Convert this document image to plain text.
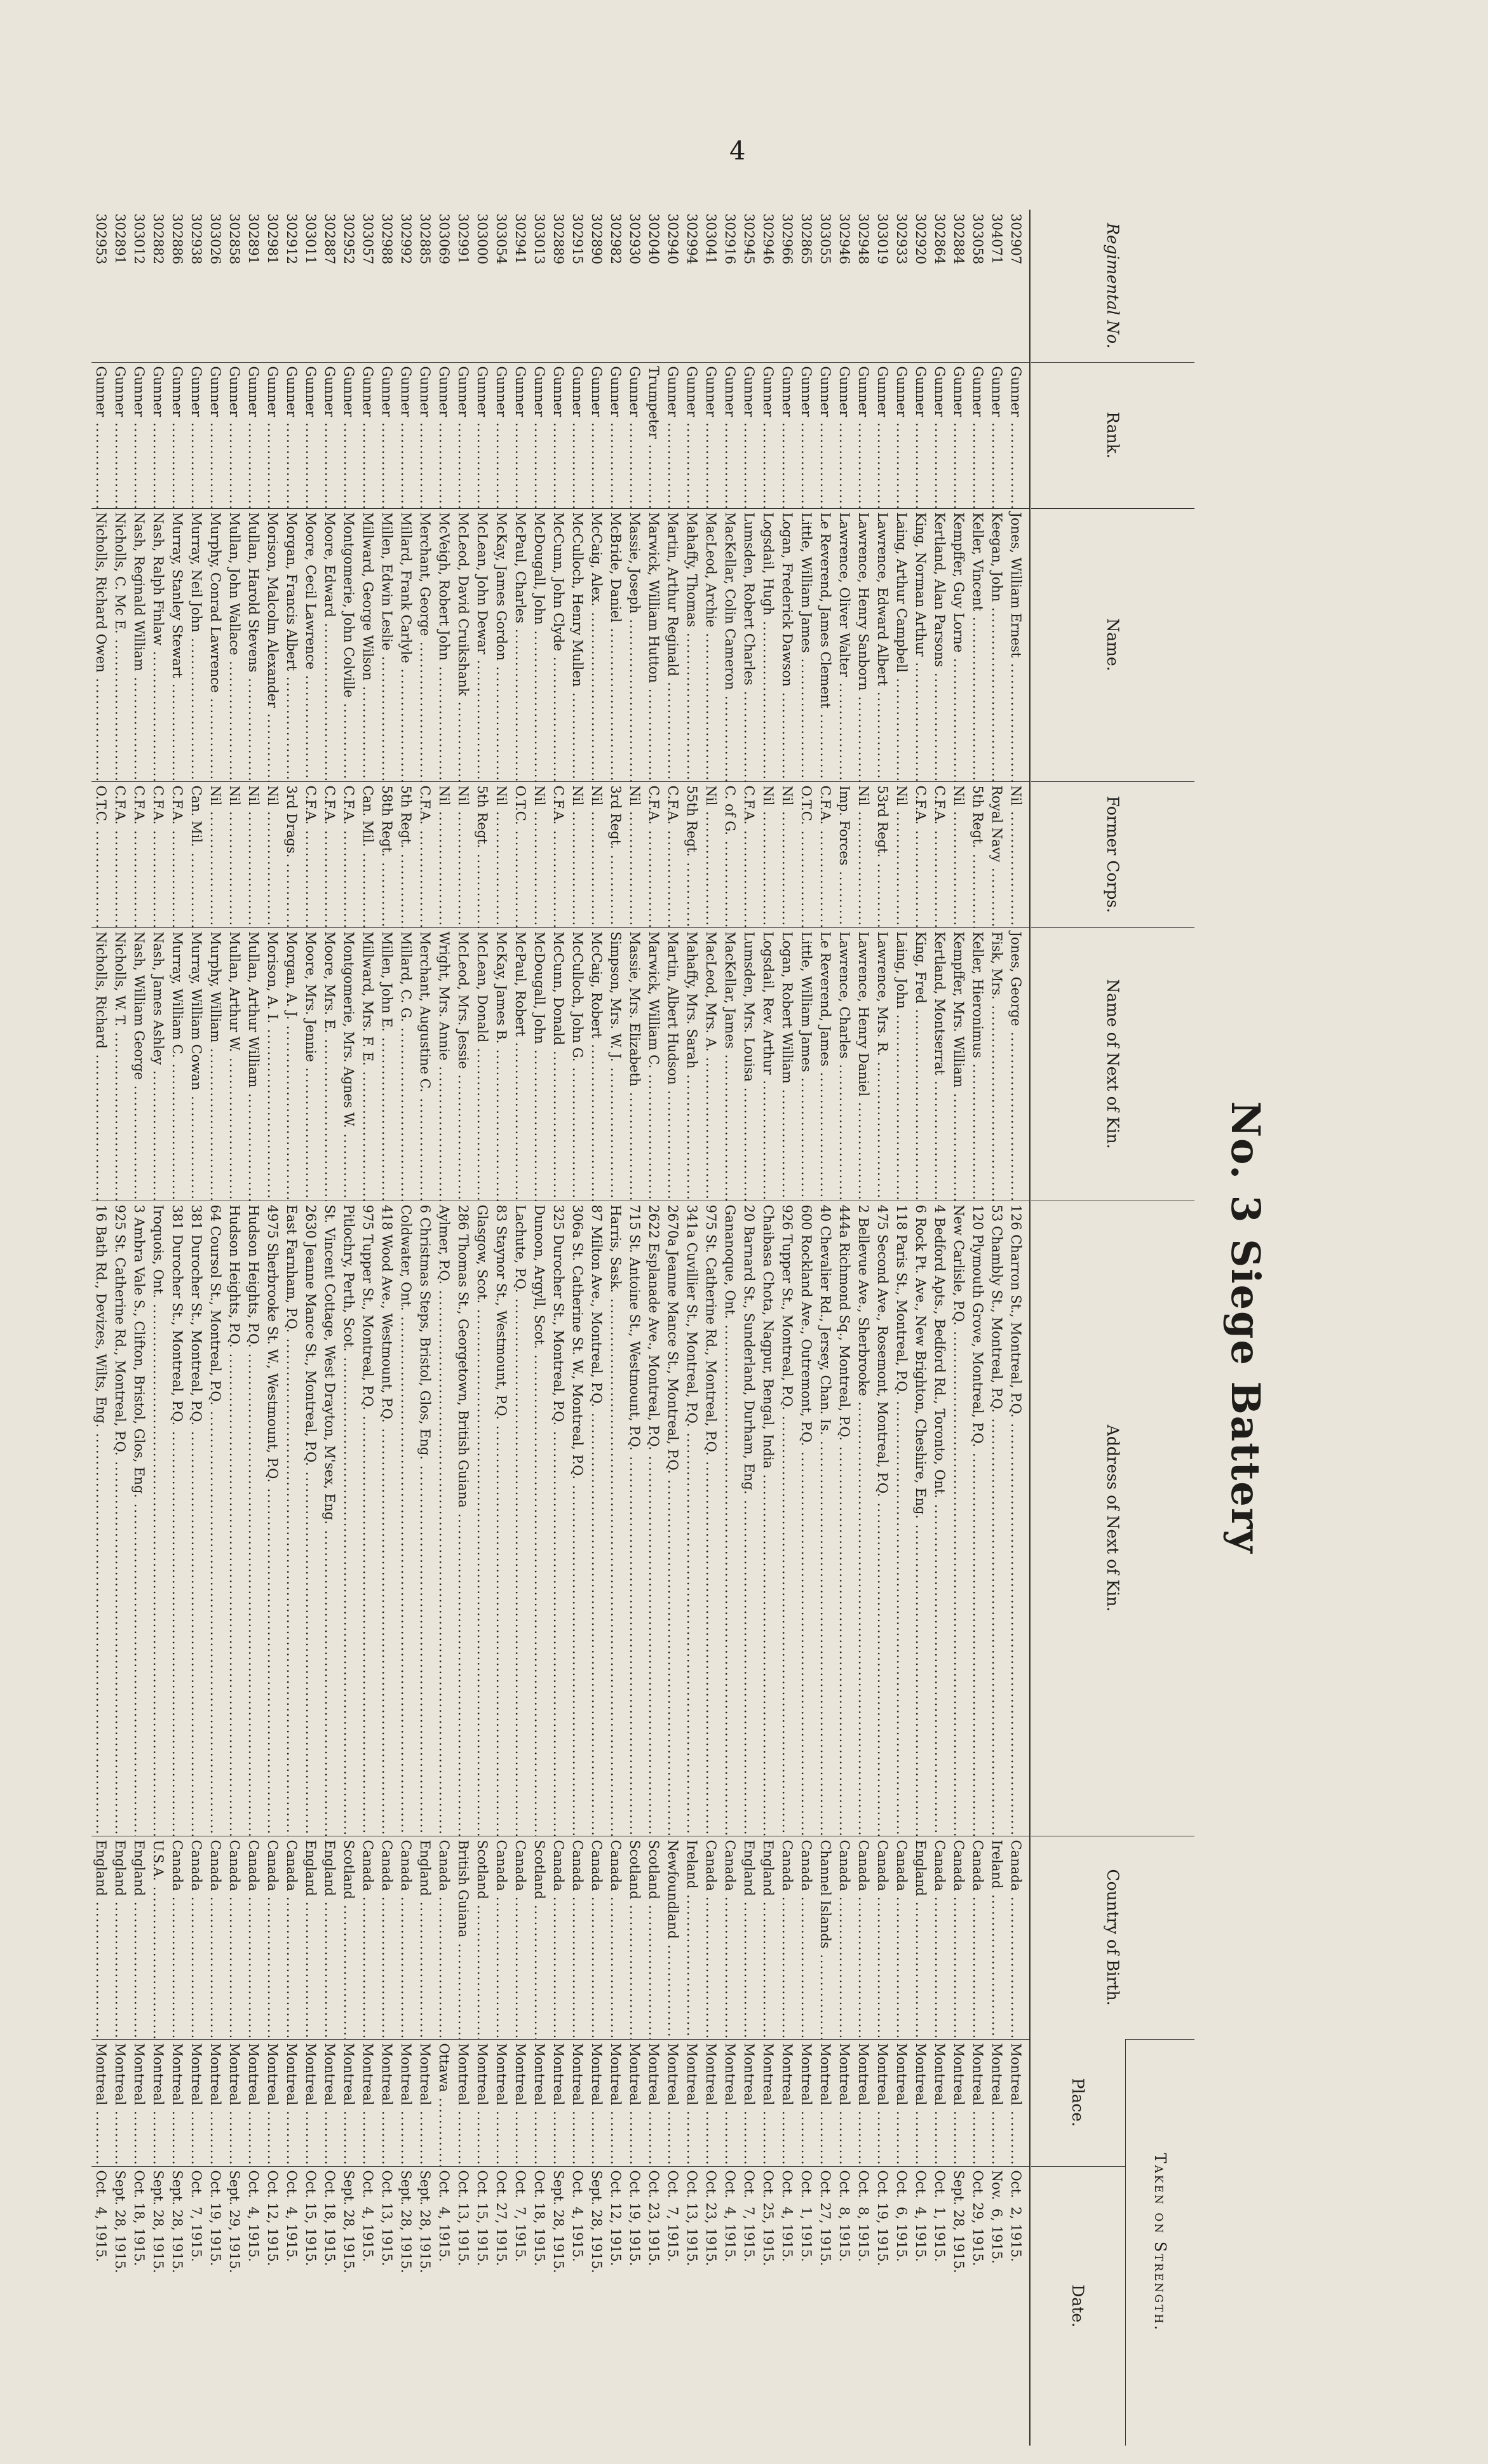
4
No. 3 Siege Battery
Regimental No.	Rank.	Name.	Former Corps.	Name of Next of Kin.	Address of Next of Kin.	Country of Birth.	Taken on Strength.	
							Place.	Date.
302907	Gunner .....	Jones, William Ernest .....	Nil .....	Jones, George .....	126 Charron St., Montreal, P.Q. .....	Canada .....	Montreal .....	Oct.  2, 1915.
304071	Gunner .....	Keegan, John .....	Royal Navy .....	Fisk, Mrs. .....	53 Chambly St., Montreal, P.Q. .....	Ireland .....	Montreal .....	Nov.  6, 1915.
303058	Gunner .....	Keller, Vincent .....	5th Regt. .....	Keller, Hieronimus .....	120 Plymouth Grove, Montreal, P.Q. .....	Canada .....	Montreal .....	Oct. 29, 1915.
302884	Gunner .....	Kempffer, Guy Lorne .....	Nil .....	Kempffer, Mrs. William .....	New Carlisle, P.Q. .....	Canada .....	Montreal .....	Sept. 28, 1915.
302864	Gunner .....	Kertland, Alan Parsons .....	C.F.A. .....	Kertland, Montserrat .....	4 Bedford Apts., Bedford Rd., Toronto, Ont. .....	Canada .....	Montreal .....	Oct.  1, 1915.
302920	Gunner .....	King, Norman Arthur .....	C.F.A. .....	King, Fred .....	6 Rock Pt. Ave., New Brighton, Cheshire, Eng. .....	England .....	Montreal .....	Oct.  4, 1915.
302933	Gunner .....	Laing, Arthur Campbell .....	Nil .....	Laing, John .....	118 Paris St., Montreal, P.Q. .....	Canada .....	Montreal .....	Oct.  6, 1915.
303019	Gunner .....	Lawrence, Edward Albert .....	53rd Regt. .....	Lawrence, Mrs. R. .....	475 Second Ave., Rosemont, Montreal, P.Q. .....	Canada .....	Montreal .....	Oct. 19, 1915.
302948	Gunner .....	Lawrence, Henry Sanborn .....	Nil .....	Lawrence, Henry Daniel .....	2 Bellevue Ave., Sherbrooke .....	Canada .....	Montreal .....	Oct.  8, 1915.
302946	Gunner .....	Lawrence, Oliver Walter .....	Imp. Forces .....	Lawrence, Charles .....	444a Richmond Sq., Montreal, P.Q. .....	Canada .....	Montreal .....	Oct.  8, 1915.
303055	Gunner .....	Le Reverend, James Clement .....	C.F.A. .....	Le Reverend, James .....	40 Chevalier Rd., Jersey, Chan. Is. .....	Channel Islands .....	Montreal .....	Oct. 27, 1915.
302865	Gunner .....	Little, William James .....	O.T.C. .....	Little, William James .....	600 Rockland Ave., Outremont, P.Q. .....	Canada .....	Montreal .....	Oct.  1, 1915.
302966	Gunner .....	Logan, Frederick Dawson .....	Nil .....	Logan, Robert William .....	926 Tupper St., Montreal, P.Q. .....	Canada .....	Montreal .....	Oct.  4, 1915.
302946	Gunner .....	Logsdail, Hugh .....	Nil .....	Logsdail, Rev. Arthur .....	Chaibasa Chota, Nagpur, Bengal, India .....	England .....	Montreal .....	Oct. 25, 1915.
302945	Gunner .....	Lumsden, Robert Charles .....	C.F.A. .....	Lumsden, Mrs. Louisa .....	20 Barnard St., Sunderland, Durham, Eng. .....	England .....	Montreal .....	Oct.  7, 1915.
302916	Gunner .....	MacKellar, Colin Cameron .....	C. of G. .....	MacKellar, James .....	Gananoque, Ont. .....	Canada .....	Montreal .....	Oct.  4, 1915.
303041	Gunner .....	MacLeod, Archie .....	Nil .....	MacLeod, Mrs. A. .....	975 St. Catherine Rd., Montreal, P.Q. .....	Canada .....	Montreal .....	Oct. 23, 1915.
302994	Gunner .....	Mahaffy, Thomas .....	55th Regt. .....	Mahaffy, Mrs. Sarah .....	341a Cuvillier St., Montreal, P.Q. .....	Ireland .....	Montreal .....	Oct. 13, 1915.
302940	Gunner .....	Martin, Arthur Reginald .....	C.F.A. .....	Martin, Albert Hudson .....	2670a Jeanne Mance St., Montreal, P.Q. .....	Newfoundland .....	Montreal .....	Oct.  7, 1915.
302040	Trumpeter .....	Marwick, William Hutton .....	C.F.A. .....	Marwick, William C. .....	2622 Esplanade Ave., Montreal, P.Q. .....	Scotland .....	Montreal .....	Oct. 23, 1915.
302930	Gunner .....	Massie, Joseph .....	Nil .....	Massie, Mrs. Elizabeth .....	715 St. Antoine St., Westmount, P.Q. .....	Scotland .....	Montreal .....	Oct. 19, 1915.
302982	Gunner .....	McBride, Daniel .....	3rd Regt. .....	Simpson, Mrs. W. J. .....	Harris, Sask. .....	Canada .....	Montreal .....	Oct. 12, 1915.
302890	Gunner .....	McCaig, Alex. .....	Nil .....	McCaig, Robert .....	87 Milton Ave., Montreal, P.Q. .....	Canada .....	Montreal .....	Sept. 28, 1915.
302915	Gunner .....	McCulloch, Henry Mullen .....	Nil .....	McCulloch, John G. .....	306a St. Catherine St. W., Montreal, P.Q. .....	Canada .....	Montreal .....	Oct.  4, 1915.
302889	Gunner .....	McCunn, John Clyde .....	C.F.A. .....	McCunn, Donald .....	325 Durocher St., Montreal, P.Q. .....	Canada .....	Montreal .....	Sept. 28, 1915.
303013	Gunner .....	McDougall, John .....	Nil .....	McDougall, John .....	Dunoon, Argyll, Scot. .....	Scotland .....	Montreal .....	Oct. 18, 1915.
302941	Gunner .....	McPaul, Charles .....	O.T.C. .....	McPaul, Robert .....	Lachute, P.Q. .....	Canada .....	Montreal .....	Oct.  7, 1915.
303054	Gunner .....	McKay, James Gordon .....	Nil .....	McKay, James B. .....	83 Staynor St., Westmount, P.Q. .....	Canada .....	Montreal .....	Oct. 27, 1915.
303000	Gunner .....	McLean, John Dewar .....	5th Regt. .....	McLean, Donald .....	Glasgow, Scot. .....	Scotland .....	Montreal .....	Oct. 15, 1915.
302991	Gunner .....	McLeod, David Cruikshank .....	Nil .....	McLeod, Mrs. Jessie .....	286 Thomas St., Georgetown, British Guiana .....	British Guiana .....	Montreal .....	Oct. 13, 1915.
303069	Gunner .....	McVeigh, Robert John .....	Nil .....	Wright, Mrs. Annie .....	Aylmer, P.Q. .....	Canada .....	Ottawa .....	Oct.  4, 1915.
302885	Gunner .....	Merchant, George .....	C.F.A. .....	Merchant, Augustine C. .....	6 Christmas Steps, Bristol, Glos, Eng. .....	England .....	Montreal .....	Sept. 28, 1915.
302992	Gunner .....	Millard, Frank Carlyle .....	5th Regt. .....	Millard, C. G. .....	Coldwater, Ont. .....	Canada .....	Montreal .....	Sept. 28, 1915.
302988	Gunner .....	Millen, Edwin Leslie .....	58th Regt. .....	Millen, John E. .....	418 Wood Ave., Westmount, P.Q. .....	Canada .....	Montreal .....	Oct. 13, 1915.
303057	Gunner .....	Millward, George Wilson .....	Can. Mil. .....	Millward, Mrs. F. E. .....	975 Tupper St., Montreal, P.Q. .....	Canada .....	Montreal .....	Oct.  4, 1915.
302952	Gunner .....	Montgomerie, John Colville .....	C.F.A. .....	Montgomerie, Mrs. Agnes W. .....	Pitlochry, Perth, Scot. .....	Scotland .....	Montreal .....	Sept. 28, 1915.
302887	Gunner .....	Moore, Edward .....	C.F.A. .....	Moore, Mrs. E. .....	St. Vincent Cottage, West Drayton, M'sex, Eng. .....	England .....	Montreal .....	Oct. 18, 1915.
303011	Gunner .....	Moore, Cecil Lawrence .....	C.F.A. .....	Moore, Mrs. Jennie .....	2630 Jeanne Mance St., Montreal, P.Q. .....	England .....	Montreal .....	Oct. 15, 1915.
302912	Gunner .....	Morgan, Francis Albert .....	3rd Drags. .....	Morgan, A. J. .....	East Farnham, P.Q. .....	Canada .....	Montreal .....	Oct.  4, 1915.
302981	Gunner .....	Morison, Malcolm Alexander .....	Nil .....	Morison, A. I. .....	4975 Sherbrooke St. W., Westmount, P.Q. .....	Canada .....	Montreal .....	Oct. 12, 1915.
302891	Gunner .....	Mullan, Harold Stevens .....	Nil .....	Mullan, Arthur William .....	Hudson Heights, P.Q. .....	Canada .....	Montreal .....	Oct.  4, 1915.
302858	Gunner .....	Mullan, John Wallace .....	Nil .....	Mullan, Arthur W. .....	Hudson Heights, P.Q. .....	Canada .....	Montreal .....	Sept. 29, 1915.
303026	Gunner .....	Murphy, Conrad Lawrence .....	Nil .....	Murphy, William .....	64 Coursol St., Montreal, P.Q. .....	Canada .....	Montreal .....	Oct. 19, 1915.
302938	Gunner .....	Murray, Neil John .....	Can. Mil. .....	Murray, William Cowan .....	381 Durocher St., Montreal, P.Q. .....	Canada .....	Montreal .....	Oct.  7, 1915.
302886	Gunner .....	Murray, Stanley Stewart .....	C.F.A. .....	Murray, William C. .....	381 Durocher St., Montreal, P.Q. .....	Canada .....	Montreal .....	Sept. 28, 1915.
302882	Gunner .....	Nash, Ralph Finlaw .....	C.F.A. .....	Nash, James Ashley .....	Iroquois, Ont. .....	U.S.A. .....	Montreal .....	Sept. 28, 1915.
303012	Gunner .....	Nash, Reginald William .....	C.F.A. .....	Nash, William George .....	3 Ambra Vale S., Clifton, Bristol, Glos, Eng. .....	England .....	Montreal .....	Oct. 18, 1915.
302891	Gunner .....	Nicholls, C. Mc E. .....	C.F.A. .....	Nicholls, W. T. .....	925 St. Catherine Rd., Montreal, P.Q. .....	England .....	Montreal .....	Sept. 28, 1915.
302953	Gunner .....	Nicholls, Richard Owen .....	O.T.C. .....	Nicholls, Richard .....	16 Bath Rd., Devizes, Wilts, Eng. .....	England .....	Montreal .....	Oct.  4, 1915.
